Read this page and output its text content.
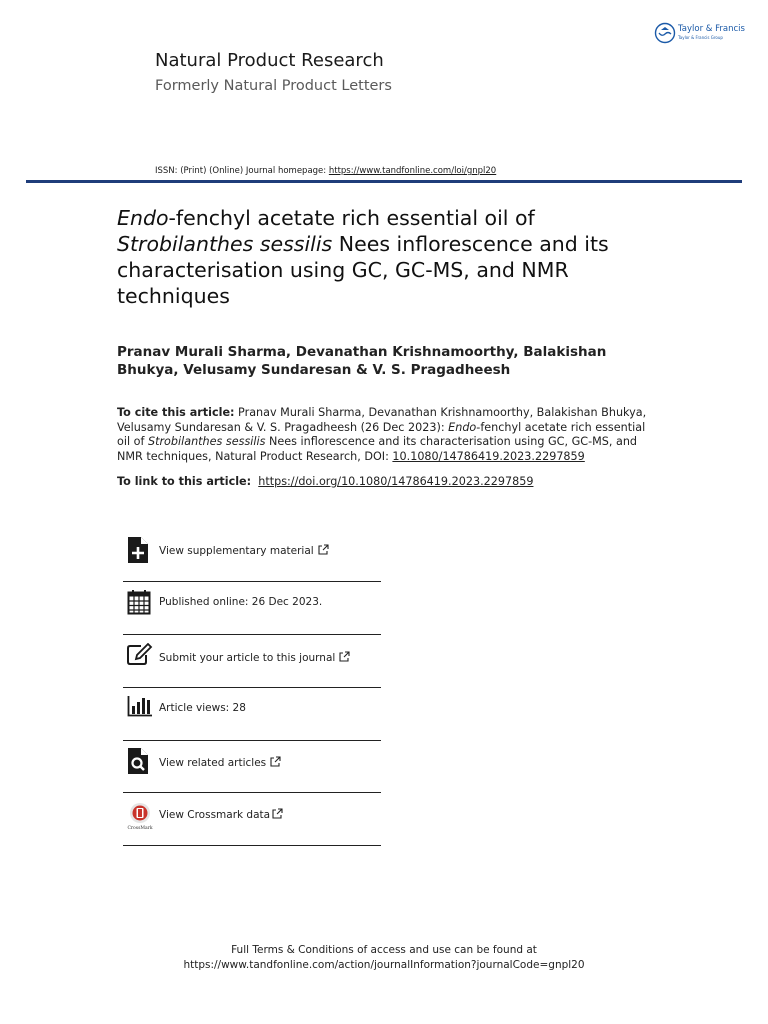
Taylor & Francis
Taylor & Francis Group
Natural Product Research
Formerly Natural Product Letters
ISSN: (Print) (Online) Journal homepage: https://www.tandfonline.com/loi/gnpl20
Endo-fenchyl acetate rich essential oil of Strobilanthes sessilis Nees inflorescence and its characterisation using GC, GC-MS, and NMR techniques
Pranav Murali Sharma, Devanathan Krishnamoorthy, Balakishan Bhukya, Velusamy Sundaresan & V. S. Pragadheesh
To cite this article: Pranav Murali Sharma, Devanathan Krishnamoorthy, Balakishan Bhukya, Velusamy Sundaresan & V. S. Pragadheesh (26 Dec 2023): Endo-fenchyl acetate rich essential oil of Strobilanthes sessilis Nees inflorescence and its characterisation using GC, GC-MS, and NMR techniques, Natural Product Research, DOI: 10.1080/14786419.2023.2297859
To link to this article: https://doi.org/10.1080/14786419.2023.2297859
View supplementary material
Published online: 26 Dec 2023.
Submit your article to this journal
Article views: 28
View related articles
CrossMark
View Crossmark data
Full Terms & Conditions of access and use can be found at
https://www.tandfonline.com/action/journalInformation?journalCode=gnpl20
